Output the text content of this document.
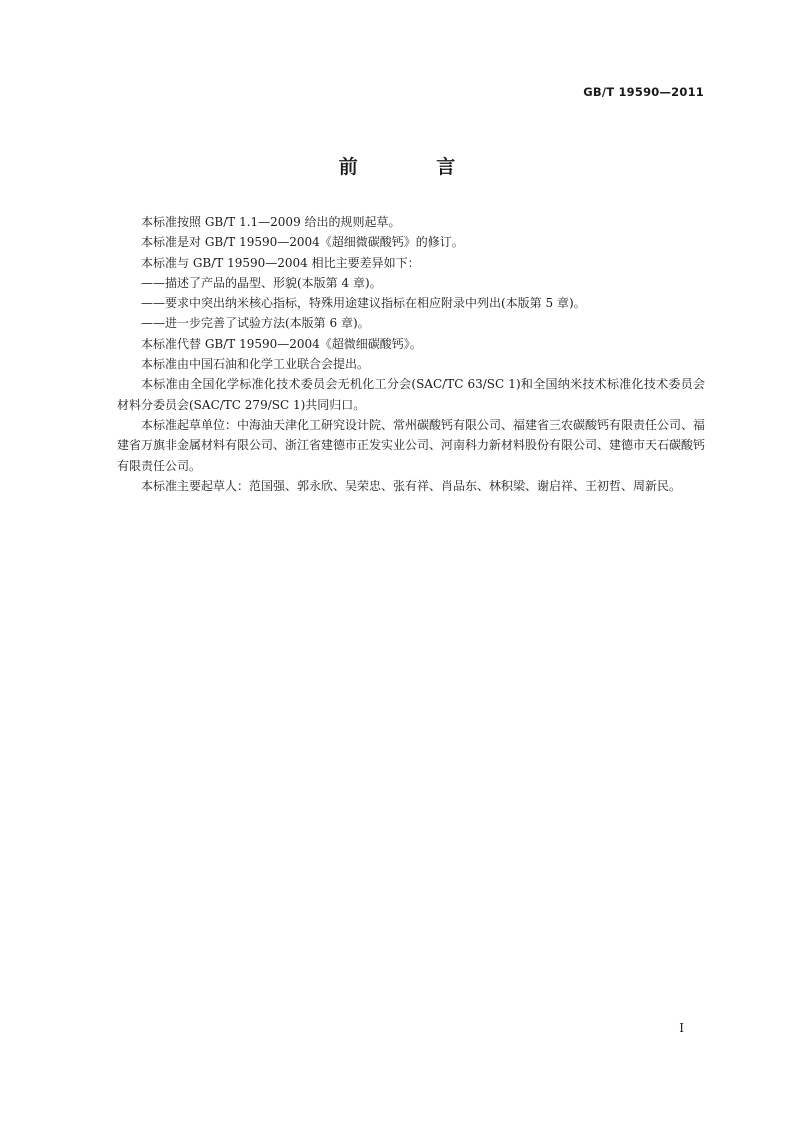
GB/T 19590—2011
前 言

本标准按照 GB/T 1.1—2009 给出的规则起草。

本标准是对 GB/T 19590—2004《超细微碳酸钙》的修订。

本标准与 GB/T 19590—2004 相比主要差异如下：

——描述了产品的晶型、形貌(本版第 4 章)。

——要求中突出纳米核心指标，特殊用途建议指标在相应附录中列出(本版第 5 章)。

——进一步完善了试验方法(本版第 6 章)。

本标准代替 GB/T 19590—2004《超微细碳酸钙》。

本标准由中国石油和化学工业联合会提出。

本标准由全国化学标准化技术委员会无机化工分会(SAC/TC 63/SC 1)和全国纳米技术标准化技术委员会材料分委员会(SAC/TC 279/SC 1)共同归口。

本标准起草单位：中海油天津化工研究设计院、常州碳酸钙有限公司、福建省三农碳酸钙有限责任公司、福建省万旗非金属材料有限公司、浙江省建德市正发实业公司、河南科力新材料股份有限公司、建德市天石碳酸钙有限责任公司。

本标准主要起草人：范国强、郭永欣、吴荣忠、张有祥、肖品东、林积梁、谢启祥、王初哲、周新民。

I
